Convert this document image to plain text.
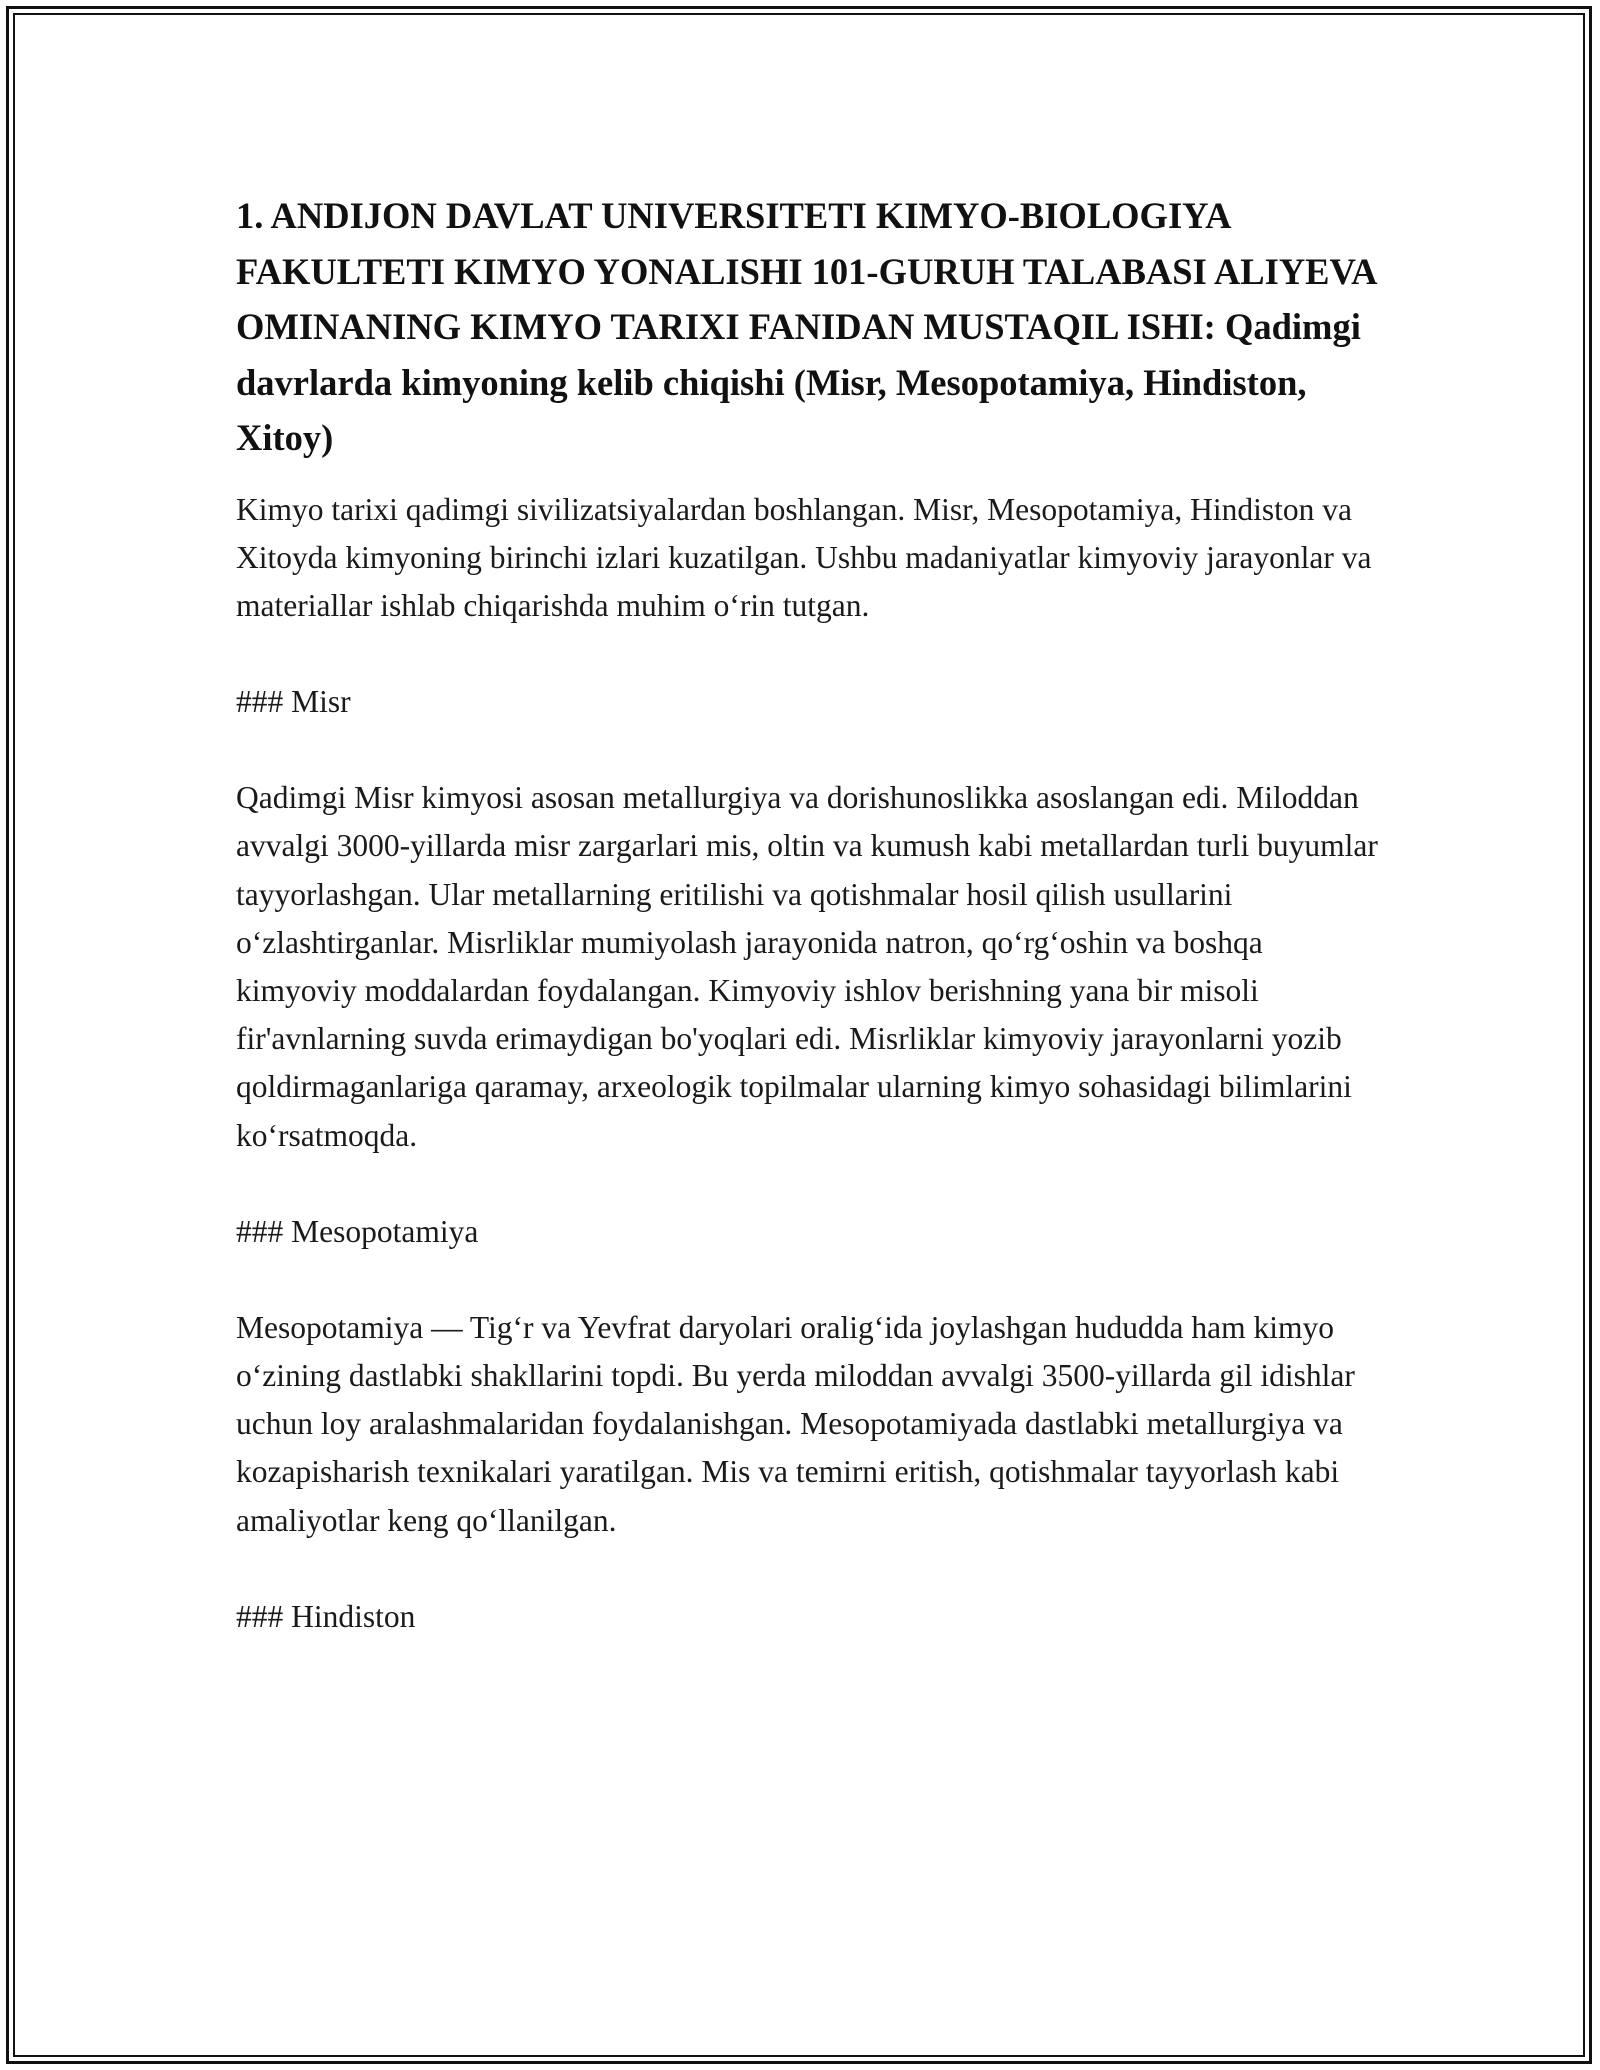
1. ANDIJON DAVLAT UNIVERSITETI KIMYO-BIOLOGIYA FAKULTETI KIMYO YONALISHI 101-GURUH TALABASI ALIYEVA OMINANING KIMYO TARIXI FANIDAN MUSTAQIL ISHI: Qadimgi davrlarda kimyoning kelib chiqishi (Misr, Mesopotamiya, Hindiston, Xitoy)

Kimyo tarixi qadimgi sivilizatsiyalardan boshlangan. Misr, Mesopotamiya, Hindiston va Xitoyda kimyoning birinchi izlari kuzatilgan. Ushbu madaniyatlar kimyoviy jarayonlar va materiallar ishlab chiqarishda muhim oʻrin tutgan.

### Misr

Qadimgi Misr kimyosi asosan metallurgiya va dorishunoslikka asoslangan edi. Miloddan avvalgi 3000-yillarda misr zargarlari mis, oltin va kumush kabi metallardan turli buyumlar tayyorlashgan. Ular metallarning eritilishi va qotishmalar hosil qilish usullarini oʻzlashtirganlar. Misrliklar mumiyolash jarayonida natron, qoʻrgʻoshin va boshqa kimyoviy moddalardan foydalangan. Kimyoviy ishlov berishning yana bir misoli fir'avnlarning suvda erimaydigan bo'yoqlari edi. Misrliklar kimyoviy jarayonlarni yozib qoldirmaganlariga qaramay, arxeologik topilmalar ularning kimyo sohasidagi bilimlarini koʻrsatmoqda.

### Mesopotamiya

Mesopotamiya — Tigʻr va Yevfrat daryolari oraligʻida joylashgan hududda ham kimyo oʻzining dastlabki shakllarini topdi. Bu yerda miloddan avvalgi 3500-yillarda gil idishlar uchun loy aralashmalaridan foydalanishgan. Mesopotamiyada dastlabki metallurgiya va kozapisharish texnikalari yaratilgan. Mis va temirni eritish, qotishmalar tayyorlash kabi amaliyotlar keng qoʻllanilgan.

### Hindiston
